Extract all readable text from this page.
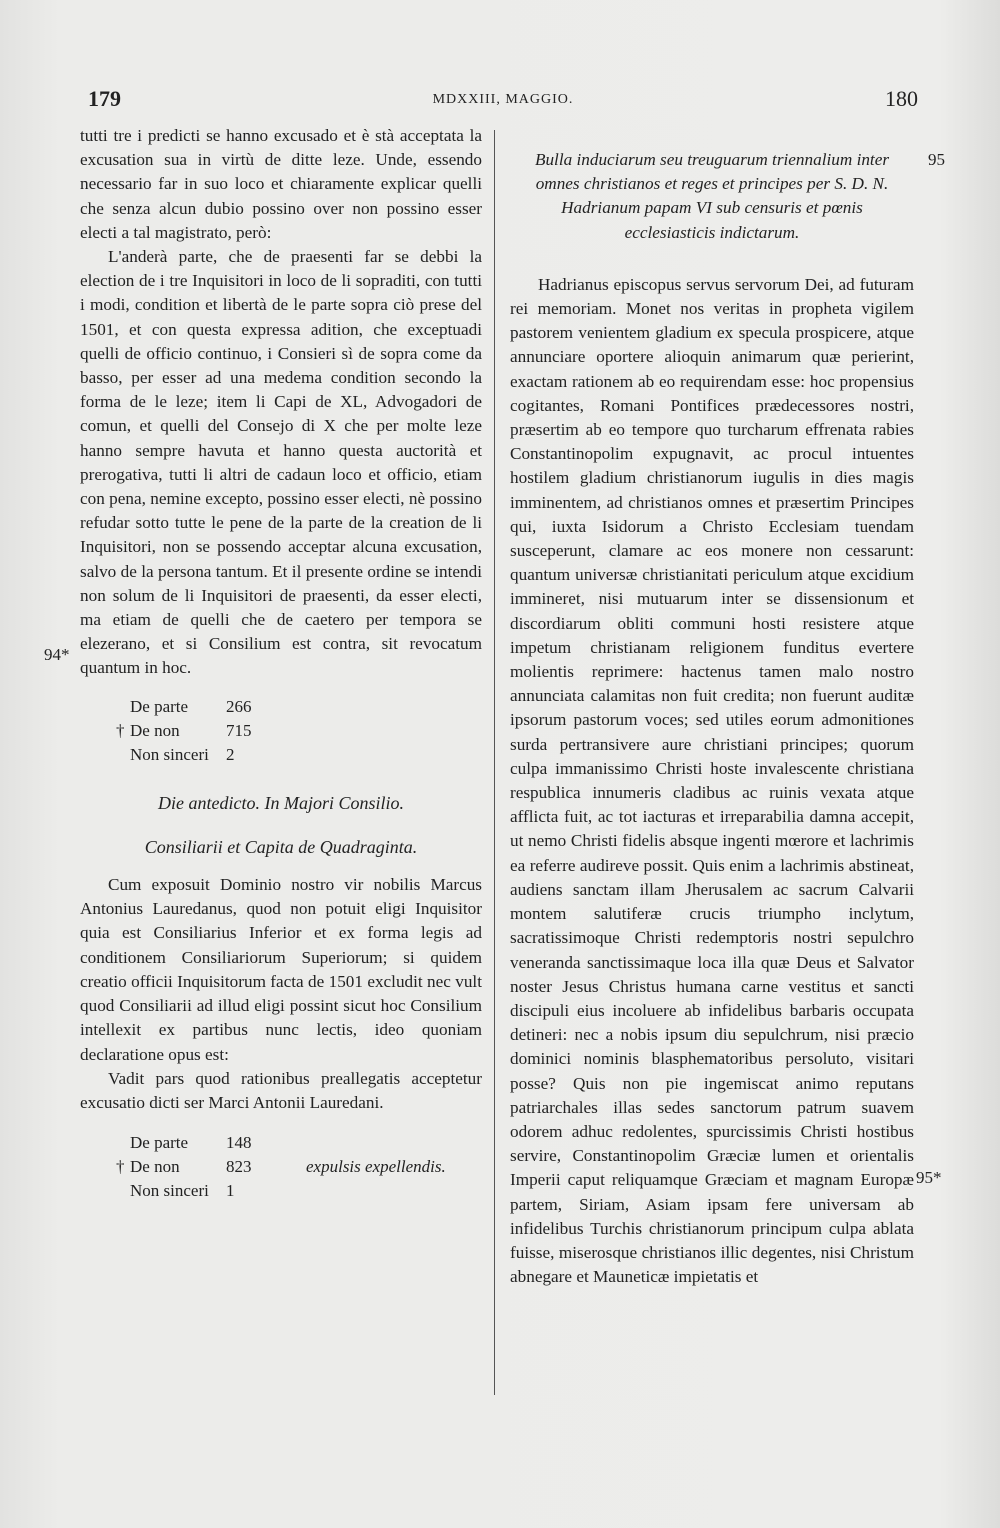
179	MDXXIII, MAGGIO.	180
94*
95
95*

tutti tre i predicti se hanno excusado et è stà acceptata la excusation sua in virtù de ditte leze. Unde, essendo necessario far in suo loco et chiaramente explicar quelli che senza alcun dubio possino over non possino esser electi a tal magistrato, però:

L'anderà parte, che de praesenti far se debbi la election de i tre Inquisitori in loco de li sopraditi, con tutti i modi, condition et libertà de le parte sopra ciò prese del 1501, et con questa expressa adition, che exceptuadi quelli de officio continuo, i Consieri sì de sopra come da basso, per esser ad una medema condition secondo la forma de le leze; item li Capi de XL, Advogadori de comun, et quelli del Consejo di X che per molte leze hanno sempre havuta et hanno questa auctorità et prerogativa, tutti li altri de cadaun loco et officio, etiam con pena, nemine excepto, possino esser electi, nè possino refudar sotto tutte le pene de la parte de la creation de li Inquisitori, non se possendo acceptar alcuna excusation, salvo de la persona tantum. Et il presente ordine se intendi non solum de li Inquisitori de praesenti, da esser electi, ma etiam de quelli che de caetero per tempora se elezerano, et si Consilium est contra, sit revocatum quantum in hoc.

De parte	266
† De non	715
Non sinceri	2

Die antedicto. In Majori Consilio.

Consiliarii et Capita de Quadraginta.

Cum exposuit Dominio nostro vir nobilis Marcus Antonius Lauredanus, quod non potuit eligi Inquisitor quia est Consiliarius Inferior et ex forma legis ad conditionem Consiliariorum Superiorum; si quidem creatio officii Inquisitorum facta de 1501 excludit nec vult quod Consiliarii ad illud eligi possint sicut hoc Consilium intellexit ex partibus nunc lectis, ideo quoniam declaratione opus est:

Vadit pars quod rationibus preallegatis acceptetur excusatio dicti ser Marci Antonii Lauredani.

De parte	148
† De non	823	expulsis expellendis.
Non sinceri	1

Bulla induciarum seu treuguarum triennalium inter omnes christianos et reges et principes per S. D. N. Hadrianum papam VI sub censuris et pœnis ecclesiasticis indictarum.

Hadrianus episcopus servus servorum Dei, ad futuram rei memoriam. Monet nos veritas in propheta vigilem pastorem venientem gladium ex specula prospicere, atque annunciare oportere alioquin animarum quæ perierint, exactam rationem ab eo requirendam esse: hoc propensius cogitantes, Romani Pontifices prædecessores nostri, præsertim ab eo tempore quo turcharum effrenata rabies Constantinopolim expugnavit, ac procul intuentes hostilem gladium christianorum iugulis in dies magis imminentem, ad christianos omnes et præsertim Principes qui, iuxta Isidorum a Christo Ecclesiam tuendam susceperunt, clamare ac eos monere non cessarunt: quantum universæ christianitati periculum atque excidium immineret, nisi mutuarum inter se dissensionum et discordiarum obliti communi hosti resistere atque impetum christianam religionem funditus evertere molientis reprimere: hactenus tamen malo nostro annunciata calamitas non fuit credita; non fuerunt auditæ ipsorum pastorum voces; sed utiles eorum admonitiones surda pertransivere aure christiani principes; quorum culpa immanissimo Christi hoste invalescente christiana respublica innumeris cladibus ac ruinis vexata atque afflicta fuit, ac tot iacturas et irreparabilia damna accepit, ut nemo Christi fidelis absque ingenti mœrore et lachrimis ea referre audireve possit. Quis enim a lachrimis abstineat, audiens sanctam illam Jherusalem ac sacrum Calvarii montem salutiferæ crucis triumpho inclytum, sacratissimoque Christi redemptoris nostri sepulchro veneranda sanctissimaque loca illa quæ Deus et Salvator noster Jesus Christus humana carne vestitus et sancti discipuli eius incoluere ab infidelibus barbaris occupata detineri: nec a nobis ipsum diu sepulchrum, nisi præcio dominici nominis blasphematoribus persoluto, visitari posse? Quis non pie ingemiscat animo reputans patriarchales illas sedes sanctorum patrum suavem odorem adhuc redolentes, spurcissimis Christi hostibus servire, Constantinopolim Græciæ lumen et orientalis Imperii caput reliquamque Græciam et magnam Europæ partem, Siriam, Asiam ipsam fere universam ab infidelibus Turchis christianorum principum culpa ablata fuisse, miserosque christianos illic degentes, nisi Christum abnegare et Mauneticæ impietatis et
